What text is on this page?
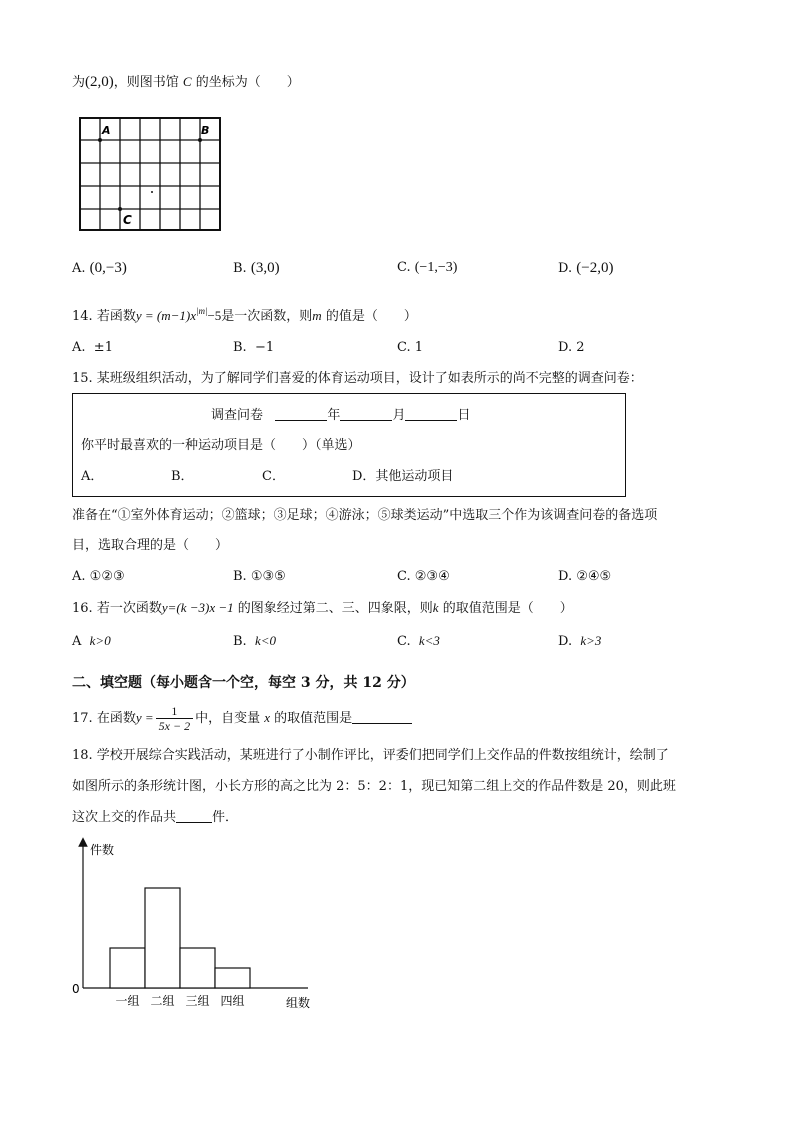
为(2,0)，则图书馆 C 的坐标为（　　）
A	B
C
A. (0,−3)	B. (3,0)	C. (−1,−3)	D. (−2,0)
14. 若函数$y = (m-1)x^{|m|}-5$是一次函数，则m 的值是（　　）
A. ±1	B. −1	C. 1	D. 2
15. 某班级组织活动，为了解同学们喜爱的体育运动项目，设计了如表所示的尚不完整的调查问卷：
调查问卷	年	月	日
你平时最喜欢的一种运动项目是（　　）（单选）
A．	B．	C．	D．其他运动项目
准备在“①室外体育运动；②篮球；③足球；④游泳；⑤球类运动”中选取三个作为该调查问卷的备选项
目，选取合理的是（　　）
A. ①②③	B. ①③⑤	C. ②③④	D. ②④⑤
16. 若一次函数y=(k −3)x −1 的图象经过第二、三、四象限，则k 的取值范围是（　　）
A k>0	B. k<0	C. k<3	D. k>3
二、填空题（每小题含一个空，每空 3 分，共 12 分）
17. 在函数$y = \frac{1}{5x - 2}$ 中，自变量 x 的取值范围是
18. 学校开展综合实践活动，某班进行了小制作评比，评委们把同学们上交作品的件数按组统计，绘制了
如图所示的条形统计图，小长方形的高之比为 2：5：2：1，现已知第二组上交的作品件数是 20，则此班
这次上交的作品共	件．
件数
0
组数
一组 二组 三组 四组
